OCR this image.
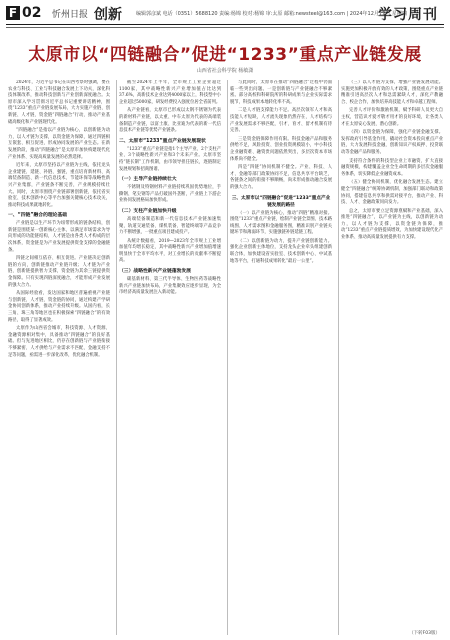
F 02 忻州日报 创新	编辑郭彦斌 电话（0351）5688120 责编:杨锦 校对:杨锦 审:太原 邮箱:newsteel@163.com | 2024年12月12日 星期四
学习周刊
太原市以“四链融合”促进“1233”重点产业链发展
山西省社会科学院 杨敏潇

2024年，习近平总书记在山西考察时强调，要在农业与科技、工业与科技融合发展上下功夫，深化科技体制改革，推动科技创新与产业创新深度融合。太原市深入学习贯彻习近平总书记重要讲话精神，围绕“1233”重点产业链发展布局，大力实施产业链、创新链、人才链、资金链“四链融合”行动，推动产业基础高级化和产业链现代化。

“四链融合”是指以产业链为核心，以创新链为动力，以人才链为支撑，以资金链为保障，通过四链相互嵌套、相互促进，形成协同发展的产业生态。在新发展阶段，推动“四链融合”是太原市加快构建现代化产业体系、实现高质量发展的必然选择。

近年来，太原市坚持以产业链为主线，依托龙头企业建链、延链、补链、强链，重点培育新材料、高端装备制造、新一代信息技术、节能环保等战略性新兴产业集群，产业链条不断完善，产业规模持续壮大。同时，太原市围绕产业链部署创新链，依托省实验室、技术创新中心等平台加强关键核心技术攻关，推动科技成果就地转化。

一、“四链”融合的理论基础

产业链是以生产环节为纽带形成的链条结构，创新链是围绕某一创新核心主体，以满足市场需求为导向形成的功能链结构，人才链是由各类人才构成的层次体系，资金链是为产业发展提供资金支撑的金融链条。

四链之间相互依存、相互促进。产业链决定创新链的方向，创新链推动产业链升级；人才链为产业链、创新链提供智力支撑，资金链为其余三链提供资金保障。只有实现四链深度融合，才能形成产业发展的强大合力。

从国际经验看，发达国家和地区普遍重视产业链与创新链、人才链、资金链的协同，通过构建产学研金协同创新体系，推动产业持续升级。从国内看，长三角、珠三角等地区也在积极探索“四链融合”的有效路径，取得了显著成效。

太原作为山西省会城市，科技资源、人才资源、金融资源相对集中，具备推动“四链融合”的良好基础。但与先进地区相比，仍存在创新链与产业链衔接不够紧密、人才供给与产业需求不匹配、金融支持不足等问题，亟需进一步深化改革，优化融合机制。

截至2024年上半年，全市规上工业企业超过1100家，其中战略性新兴产业增加值占比达到37.6%，高新技术企业达到4000家以上，科技型中小企业超过5000家，研发经费投入强度位居全省前列。

从产业链看，太原市已形成以太钢不锈钢为代表的新材料产业链，以太重、中车太原为代表的高端装备制造产业链，以富士康、比亚迪为代表的新一代信息技术产业链等优势产业链条。

二、太原市“1233”重点产业链发展现状

“1233”重点产业链是指1个主导产业、2个支柱产业、3个战略性新兴产业和3个未来产业。太原市坚持“链长制”工作机制，由市领导担任链长，逐链制定发展规划和招商图谱。

（一）主导产业链持续壮大

不锈钢及特钢材料产业链持续巩固优势地位，手撕钢、笔尖钢等产品打破国外垄断，产业链上下游企业协同发展格局加快形成。

（二）支柱产业链加快升级

高端装备制造和新一代信息技术产业链加速集聚，轨道交通装备、煤机装备、智能终端等产品竞争力不断增强，一批重点项目建成投产。

从统计数据看，2019—2023年全市规上工业增加值年均增长稳定，其中战略性新兴产业增加值增速明显快于全市平均水平，对工业增长的贡献率不断提高。

（三）战略性新兴产业链蓬勃发展

碳基新材料、第三代半导体、生物医药等战略性新兴产业链加快布局，产业集聚效应逐步显现，为全市经济高质量发展注入新动能。

与此同时，太原市在推动“四链融合”过程中仍面临一些突出问题。一是创新链与产业链融合不够紧密。部分高校和科研院所的科研成果与企业实际需求脱节，科技成果本地转化率不高。

二是人才链支撑能力不足。高层次领军人才和高技能人才短缺，人才流失现象仍然存在，人才结构与产业发展需求不够匹配，引才、育才、留才机制有待完善。

三是资金链保障作用有限。科技金融产品和服务供给不足，风险投资、创业投资规模较小，中小科技企业融资难、融资贵问题依然突出，多层次资本市场体系尚不健全。

四是“四链”协同机制不健全。产业、科技、人才、金融等部门政策协同不足，信息共享平台缺乏，各链条之间的衔接不够顺畅，尚未形成推动融合发展的强大合力。

三、太原市以“四链融合”促进“1233”重点产业链发展的路径

（一）以产业链为核心，推动“四链”精准对接。围绕“1233”重点产业链，绘制产业链全景图、技术路线图、人才需求图和金融服务图，精准识别产业链关键环节和薄弱环节，实施强链补链延链工程。

（二）以创新链为动力，提升产业链创新能力。强化企业创新主体地位，支持龙头企业牵头组建创新联合体，加快建设省实验室、技术创新中心、中试基地等平台，打通科技成果转化“最后一公里”。

（三）以人才链为支撑，增强产业链发展动能。实施更加积极开放有效的人才政策，围绕重点产业链精准引进高层次人才和急需紧缺人才，深化产教融合、校企合作，加快培养高技能人才和卓越工程师。

完善人才评价和激励机制，赋予科研人员更大自主权，营造识才爱才敬才用才的良好环境，让各类人才在太原安心发展、潜心创新。

（四）以资金链为保障，强化产业链金融支撑。发挥政府引导基金作用，撬动社会资本投向重点产业链，大力发展科技金融，创新知识产权质押、投贷联动等金融产品和服务。

支持符合条件的科技型企业上市融资，扩大直接融资规模，构建覆盖企业全生命周期的多层次金融服务体系，切实降低企业融资成本。

（五）健全协同机制，优化融合发展生态。建立健全“四链融合”统筹协调机制，加强部门联动和政策协同，搭建信息共享和供需对接平台，推动产业、科技、人才、金融政策同向发力。

总之，太原市要立足资源禀赋和产业基础，深入推进“四链融合”，以产业链为主线，以创新链为动力，以人才链为支撑，以资金链为保障，推动“1233”重点产业链提质增效，为加快建设现代化产业体系、推动高质量发展提供有力支撑。

（下转F03版）
